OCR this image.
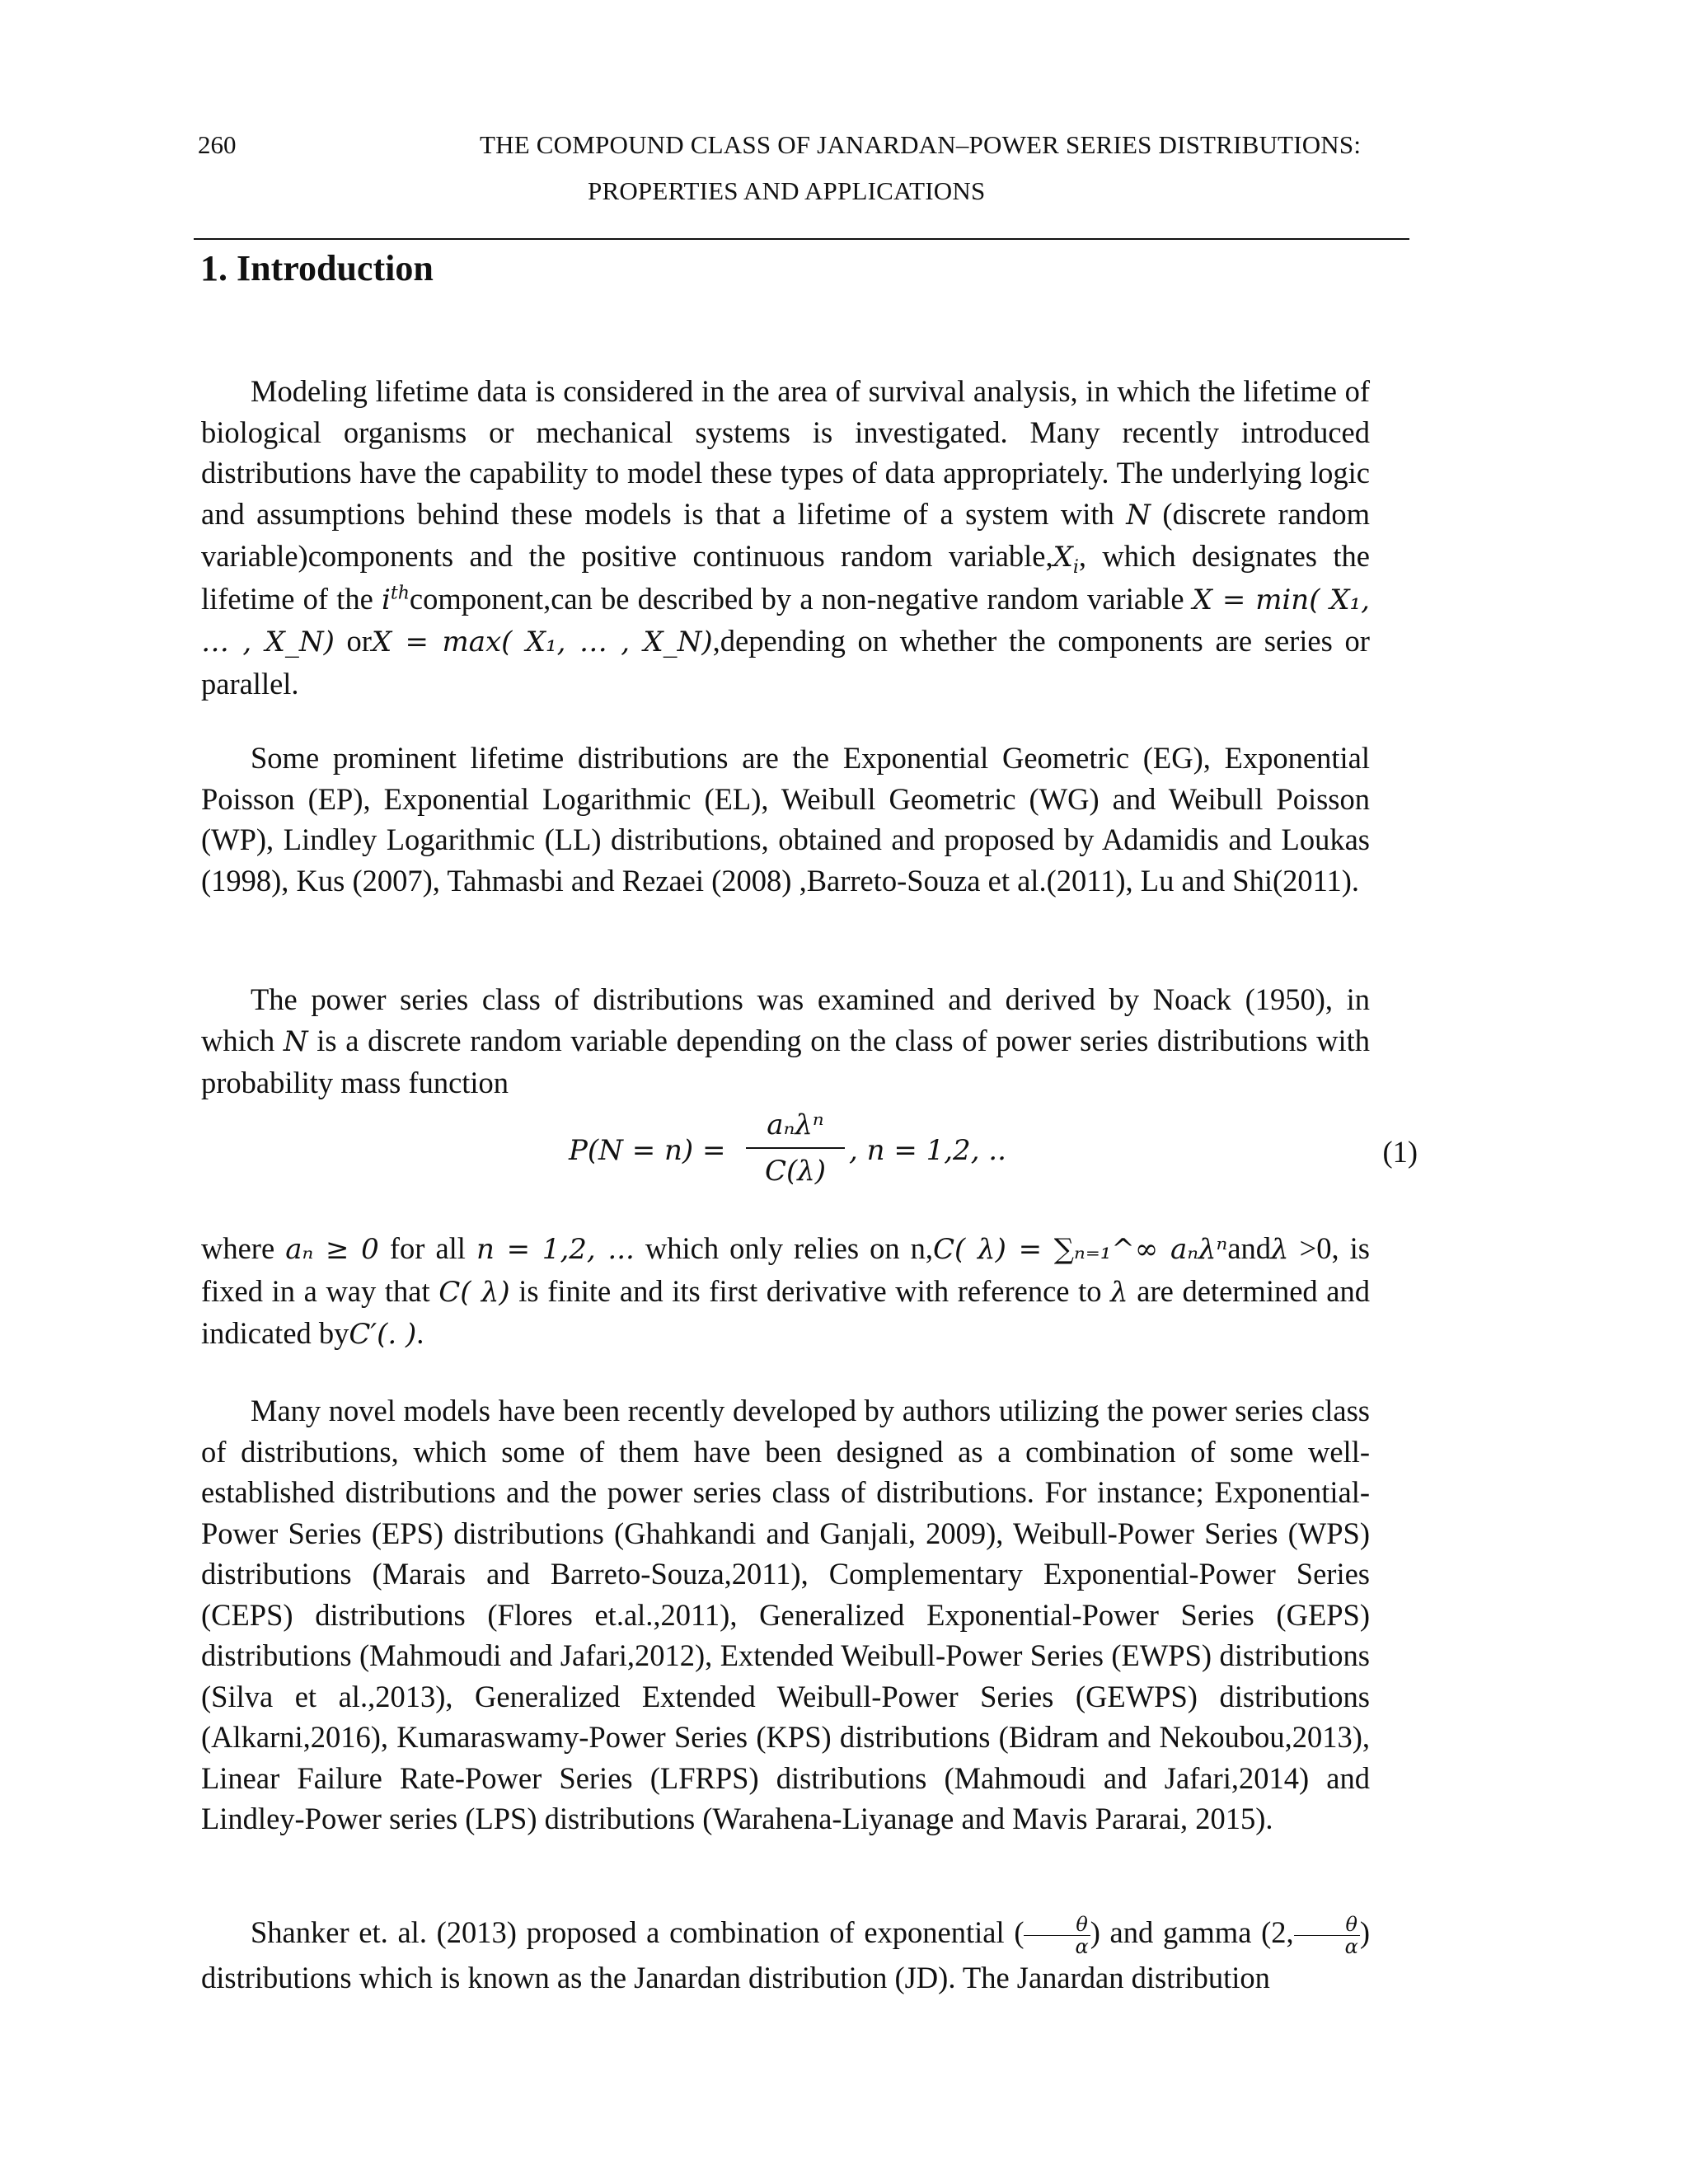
260	THE COMPOUND CLASS OF JANARDAN–POWER SERIES DISTRIBUTIONS:
PROPERTIES AND APPLICATIONS
1. Introduction

Modeling lifetime data is considered in the area of survival analysis, in which the lifetime of biological organisms or mechanical systems is investigated. Many recently introduced distributions have the capability to model these types of data appropriately. The underlying logic and assumptions behind these models is that a lifetime of a system with N (discrete random variable)components and the positive continuous random $variable,X_i$, which designates the lifetime of the $i^{th}component,can$ be described by a non-negative random variable X = min( X₁, … , X_N) orX = max( X₁, … , X_N),depending on whether the components are series or parallel.

Some prominent lifetime distributions are the Exponential Geometric (EG), Exponential Poisson (EP), Exponential Logarithmic (EL), Weibull Geometric (WG) and Weibull Poisson (WP), Lindley Logarithmic (LL) distributions, obtained and proposed by Adamidis and Loukas (1998), Kus (2007), Tahmasbi and Rezaei (2008) ,Barreto-Souza et al.(2011), Lu and Shi(2011).

The power series class of distributions was examined and derived by Noack (1950), in which N is a discrete random variable depending on the class of power series distributions with probability mass function

P(N = n) =
aₙλⁿ
C(λ)
, n = 1,2, ..	(1)

where aₙ ≥ 0 for all n = 1,2, ... which only relies on n,C( λ) = ∑ₙ₌₁^∞ aₙλⁿandλ >0, is fixed in a way that C( λ) is finite and its first derivative with reference to λ are determined and indicated byC′(. ).

Many novel models have been recently developed by authors utilizing the power series class of distributions, which some of them have been designed as a combination of some well-established distributions and the power series class of distributions. For instance; Exponential-Power Series (EPS) distributions (Ghahkandi and Ganjali, 2009), Weibull-Power Series (WPS) distributions (Marais and Barreto-Souza,2011), Complementary Exponential-Power Series (CEPS) distributions (Flores et.al.,2011), Generalized Exponential-Power Series (GEPS) distributions (Mahmoudi and Jafari,2012), Extended Weibull-Power Series (EWPS) distributions (Silva et al.,2013), Generalized Extended Weibull-Power Series (GEWPS) distributions (Alkarni,2016), Kumaraswamy-Power Series (KPS) distributions (Bidram and Nekoubou,2013), Linear Failure Rate-Power Series (LFRPS) distributions (Mahmoudi and Jafari,2014) and Lindley-Power series (LPS) distributions (Warahena-Liyanage and Mavis Pararai, 2015).

Shanker et. al. (2013) proposed a combination of exponential ( $\frac{\theta}{\alpha}$ ) and gamma (2, $\frac{\theta}{\alpha}$ ) distributions which is known as the Janardan distribution (JD). The Janardan distribution
